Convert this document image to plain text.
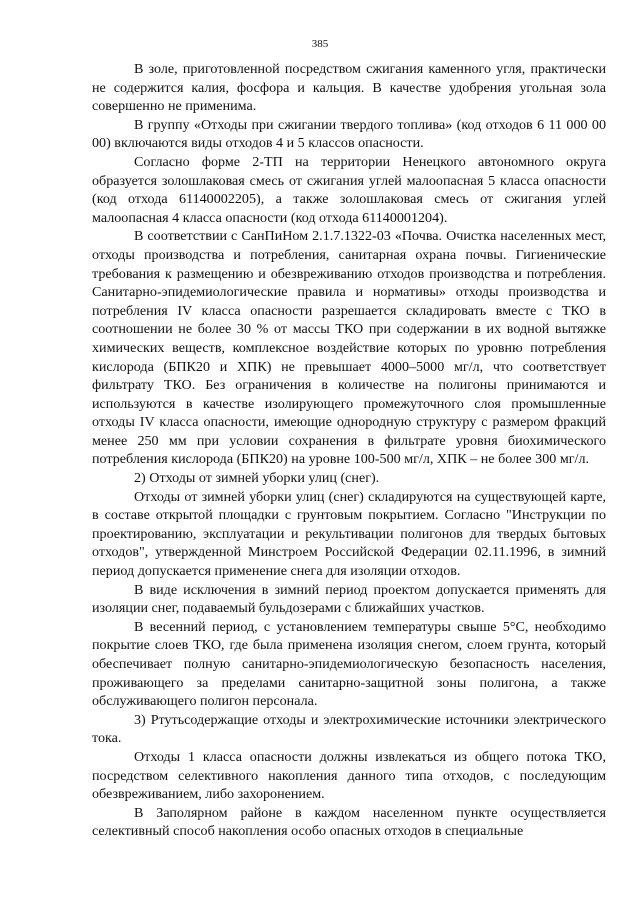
385

В золе, приготовленной посредством сжигания каменного угля, практически не содержится калия, фосфора и кальция. В качестве удобрения угольная зола совершенно не применима.

В группу «Отходы при сжигании твердого топлива» (код отходов 6 11 000 00 00) включаются виды отходов 4 и 5 классов опасности.

Согласно форме 2-ТП на территории Ненецкого автономного округа образуется золошлаковая смесь от сжигания углей малоопасная 5 класса опасности (код отхода 61140002205), а также золошлаковая смесь от сжигания углей малоопасная 4 класса опасности (код отхода 61140001204).

В соответствии с СанПиНом 2.1.7.1322-03 «Почва. Очистка населенных мест, отходы производства и потребления, санитарная охрана почвы. Гигиенические требования к размещению и обезвреживанию отходов производства и потребления. Санитарно-эпидемиологические правила и нормативы» отходы производства и потребления IV класса опасности разрешается складировать вместе с ТКО в соотношении не более 30 % от массы ТКО при содержании в их водной вытяжке химических веществ, комплексное воздействие которых по уровню потребления кислорода (БПК20 и ХПК) не превышает 4000–5000 мг/л, что соответствует фильтрату ТКО. Без ограничения в количестве на полигоны принимаются и используются в качестве изолирующего промежуточного слоя промышленные отходы IV класса опасности, имеющие однородную структуру с размером фракций менее 250 мм при условии сохранения в фильтрате уровня биохимического потребления кислорода (БПК20) на уровне 100-500 мг/л, ХПК – не более 300 мг/л.

2) Отходы от зимней уборки улиц (снег).

Отходы от зимней уборки улиц (снег) складируются на существующей карте, в составе открытой площадки с грунтовым покрытием. Согласно "Инструкции по проектированию, эксплуатации и рекультивации полигонов для твердых бытовых отходов", утвержденной Минстроем Российской Федерации 02.11.1996, в зимний период допускается применение снега для изоляции отходов.

В виде исключения в зимний период проектом допускается применять для изоляции снег, подаваемый бульдозерами с ближайших участков.

В весенний период, с установлением температуры свыше 5°С, необходимо покрытие слоев ТКО, где была применена изоляция снегом, слоем грунта, который обеспечивает полную санитарно-эпидемиологическую безопасность населения, проживающего за пределами санитарно-защитной зоны полигона, а также обслуживающего полигон персонала.

3) Ртутьсодержащие отходы и электрохимические источники электрического тока.

Отходы 1 класса опасности должны извлекаться из общего потока ТКО, посредством селективного накопления данного типа отходов, с последующим обезвреживанием, либо захоронением.

В Заполярном районе в каждом населенном пункте осуществляется селективный способ накопления особо опасных отходов в специальные
